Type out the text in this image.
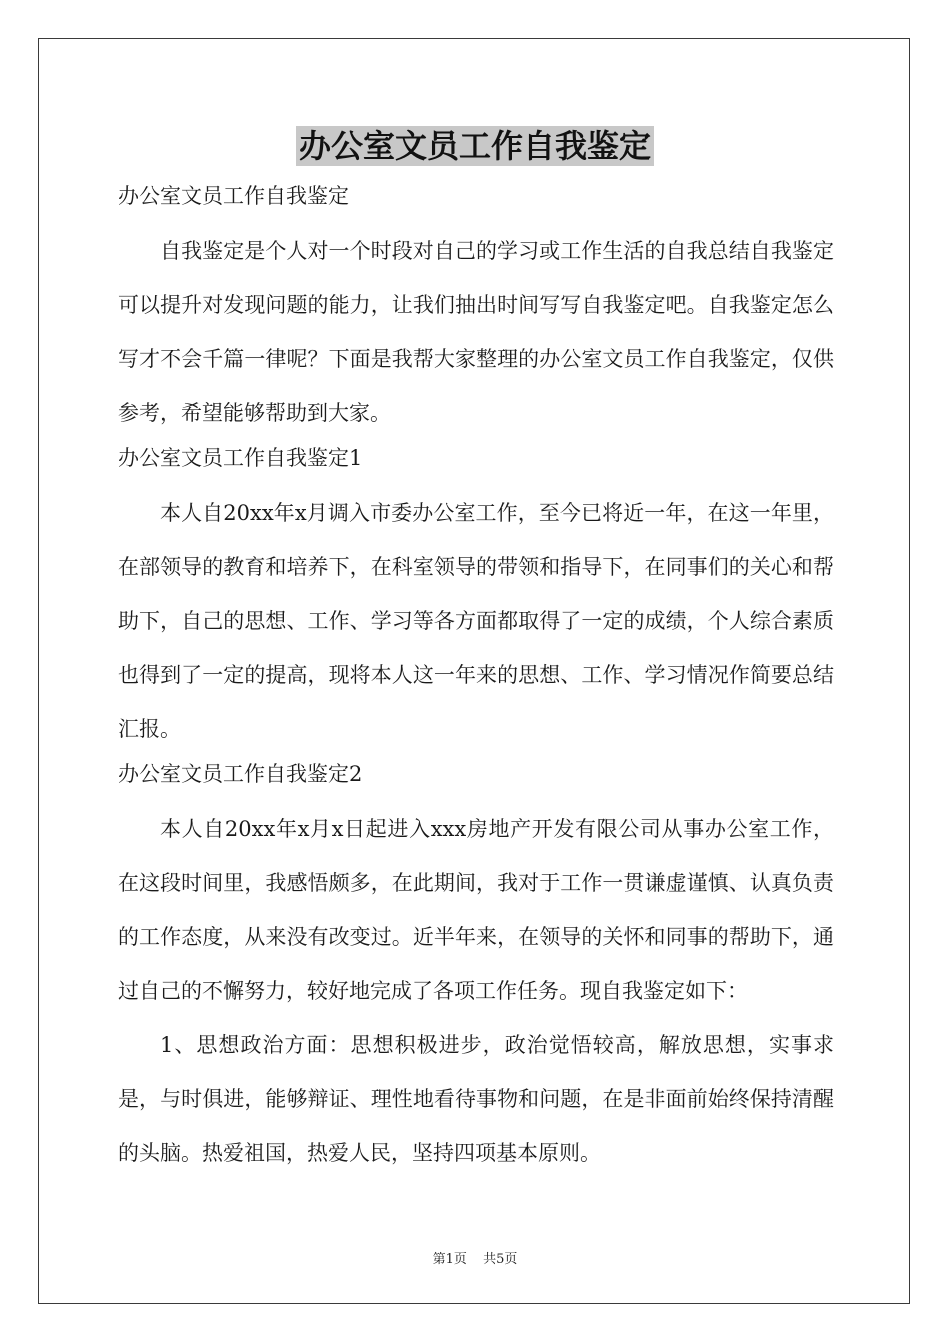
办公室文员工作自我鉴定
办公室文员工作自我鉴定

自我鉴定是个人对一个时段对自己的学习或工作生活的自我总结自我鉴定可以提升对发现问题的能力，让我们抽出时间写写自我鉴定吧。自我鉴定怎么写才不会千篇一律呢？下面是我帮大家整理的办公室文员工作自我鉴定，仅供参考，希望能够帮助到大家。

办公室文员工作自我鉴定1

本人自20xx年x月调入市委办公室工作，至今已将近一年，在这一年里，在部领导的教育和培养下，在科室领导的带领和指导下，在同事们的关心和帮助下，自己的思想、工作、学习等各方面都取得了一定的成绩，个人综合素质也得到了一定的提高，现将本人这一年来的思想、工作、学习情况作简要总结汇报。

办公室文员工作自我鉴定2

本人自20xx年x月x日起进入xxx房地产开发有限公司从事办公室工作，在这段时间里，我感悟颇多，在此期间，我对于工作一贯谦虚谨慎、认真负责的工作态度，从来没有改变过。近半年来，在领导的关怀和同事的帮助下，通过自己的不懈努力，较好地完成了各项工作任务。现自我鉴定如下：

1、思想政治方面：思想积极进步，政治觉悟较高，解放思想，实事求是，与时俱进，能够辩证、理性地看待事物和问题，在是非面前始终保持清醒的头脑。热爱祖国，热爱人民，坚持四项基本原则。

第1页 共5页
